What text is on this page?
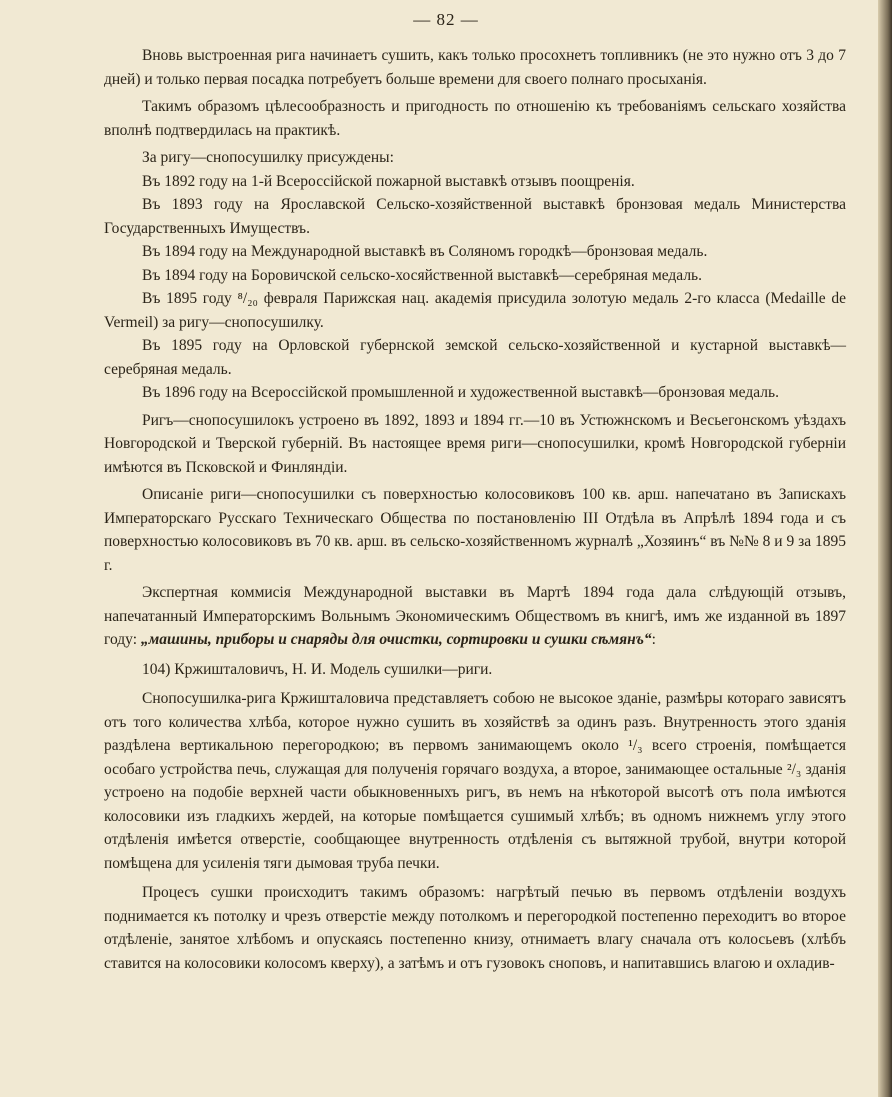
— 82 —

Вновь выстроенная рига начинаетъ сушить, какъ только просохнетъ топливникъ (не это нужно отъ 3 до 7 дней) и только первая посадка потребуетъ больше времени для своего полнаго просыханія.

Такимъ образомъ цѣлесообразность и пригодность по отношенію къ требованіямъ сельскаго хозяйства вполнѣ подтвердилась на практикѣ.

За ригу—снопосушилку присуждены:

Въ 1892 году на 1-й Всероссійской пожарной выставкѣ отзывъ поощренія.

Въ 1893 году на Ярославской Сельско-хозяйственной выставкѣ бронзовая медаль Министерства Государственныхъ Имуществъ.

Въ 1894 году на Международной выставкѣ въ Соляномъ городкѣ—бронзовая медаль.

Въ 1894 году на Боровичской сельско-хосяйственной выставкѣ—серебряная медаль.

Въ 1895 году ⁸/₂₀ февраля Парижская нац. академія присудила золотую медаль 2-го класса (Medaille de Vermeil) за ригу—снопосушилку.

Въ 1895 году на Орловской губернской земской сельско-хозяйственной и кустарной выставкѣ—серебряная медаль.

Въ 1896 году на Всероссійской промышленной и художественной выставкѣ—бронзовая медаль.

Ригъ—снопосушилокъ устроено въ 1892, 1893 и 1894 гг.—10 въ Устюжнскомъ и Весьегонскомъ уѣздахъ Новгородской и Тверской губерній. Въ настоящее время риги—снопосушилки, кромѣ Новгородской губерніи имѣются въ Псковской и Финляндіи.

Описаніе риги—снопосушилки съ поверхностью колосовиковъ 100 кв. арш. напечатано въ Запискахъ Императорскаго Русскаго Техническаго Общества по постановленію III Отдѣла въ Апрѣлѣ 1894 года и съ поверхностью колосовиковъ въ 70 кв. арш. въ сельско-хозяйственномъ журналѣ „Хозяинъ“ въ №№ 8 и 9 за 1895 г.

Экспертная коммисія Международной выставки въ Мартѣ 1894 года дала слѣдующій отзывъ, напечатанный Императорскимъ Вольнымъ Экономическимъ Обществомъ въ книгѣ, имъ же изданной въ 1897 году: „машины, приборы и снаряды для очистки, сортировки и сушки сѣмянъ“:

104) Кржишталовичъ, Н. И. Модель сушилки—риги.

Снопосушилка-рига Кржишталовича представляетъ собою не высокое зданіе, размѣры котораго зависятъ отъ того количества хлѣба, которое нужно сушить въ хозяйствѣ за одинъ разъ. Внутренность этого зданія раздѣлена вертикальною перегородкою; въ первомъ занимающемъ около ¹/₃ всего строенія, помѣщается особаго устройства печь, служащая для полученія горячаго воздуха, а второе, занимающее остальные ²/₃ зданія устроено на подобіе верхней части обыкновенныхъ ригъ, въ немъ на нѣкоторой высотѣ отъ пола имѣются колосовики изъ гладкихъ жердей, на которые помѣщается сушимый хлѣбъ; въ одномъ нижнемъ углу этого отдѣленія имѣется отверстіе, сообщающее внутренность отдѣленія съ вытяжной трубой, внутри которой помѣщена для усиленія тяги дымовая труба печки.

Процесъ сушки происходитъ такимъ образомъ: нагрѣтый печью въ первомъ отдѣленіи воздухъ поднимается къ потолку и чрезъ отверстіе между потолкомъ и перегородкой постепенно переходитъ во второе отдѣленіе, занятое хлѣбомъ и опускаясь постепенно книзу, отнимаетъ влагу сначала отъ колосьевъ (хлѣбъ ставится на колосовики колосомъ кверху), а затѣмъ и отъ гузовокъ сноповъ, и напитавшись влагою и охладив-
